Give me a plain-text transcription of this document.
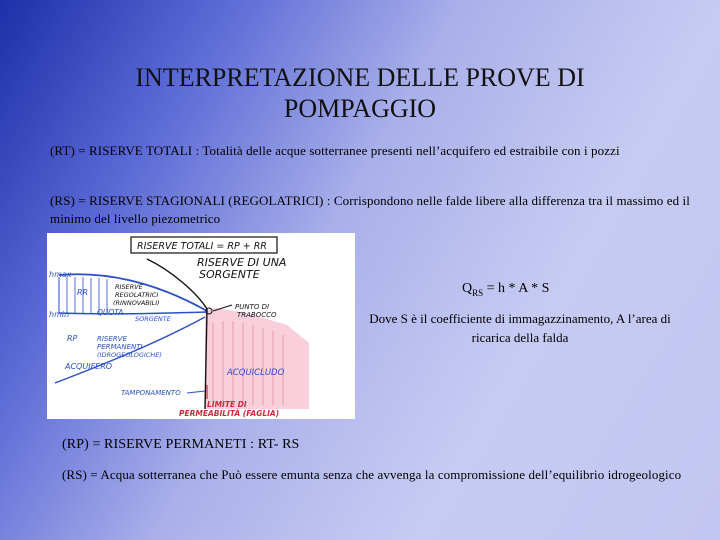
INTERPRETAZIONE DELLE PROVE DI
POMPAGGIO
(RT) = RISERVE TOTALI : Totalità delle acque sotterranee presenti nell’acquifero ed estraibile con i pozzi
(RS) = RISERVE STAGIONALI (REGOLATRICI) : Corrispondono nelle falde libere alla differenza tra il massimo ed il minimo del livello piezometrico
RISERVE TOTALI = RP + RR
RISERVE DI UNA
SORGENTE
hmax
hmin
RR
RISERVE
REGOLATRICI
(RINNOVABILI)
QUOTA
SORGENTE
RP	RISERVE
PERMANENTI
(IDROGEOLOGICHE)
ACQUIFERO
PUNTO DI
TRABOCCO
ACQUICLUDO
TAMPONAMENTO
LIMITE DI
PERMEABILITÀ (FAGLIA)
$Q_{RS} = h * A * S$
Dove S è il coefficiente di immagazzinamento, A l’area di ricarica della falda
(RP) = RISERVE PERMANETI : RT- RS
(RS) = Acqua sotterranea che Può essere emunta senza che avvenga la compromissione dell’equilibrio idrogeologico
